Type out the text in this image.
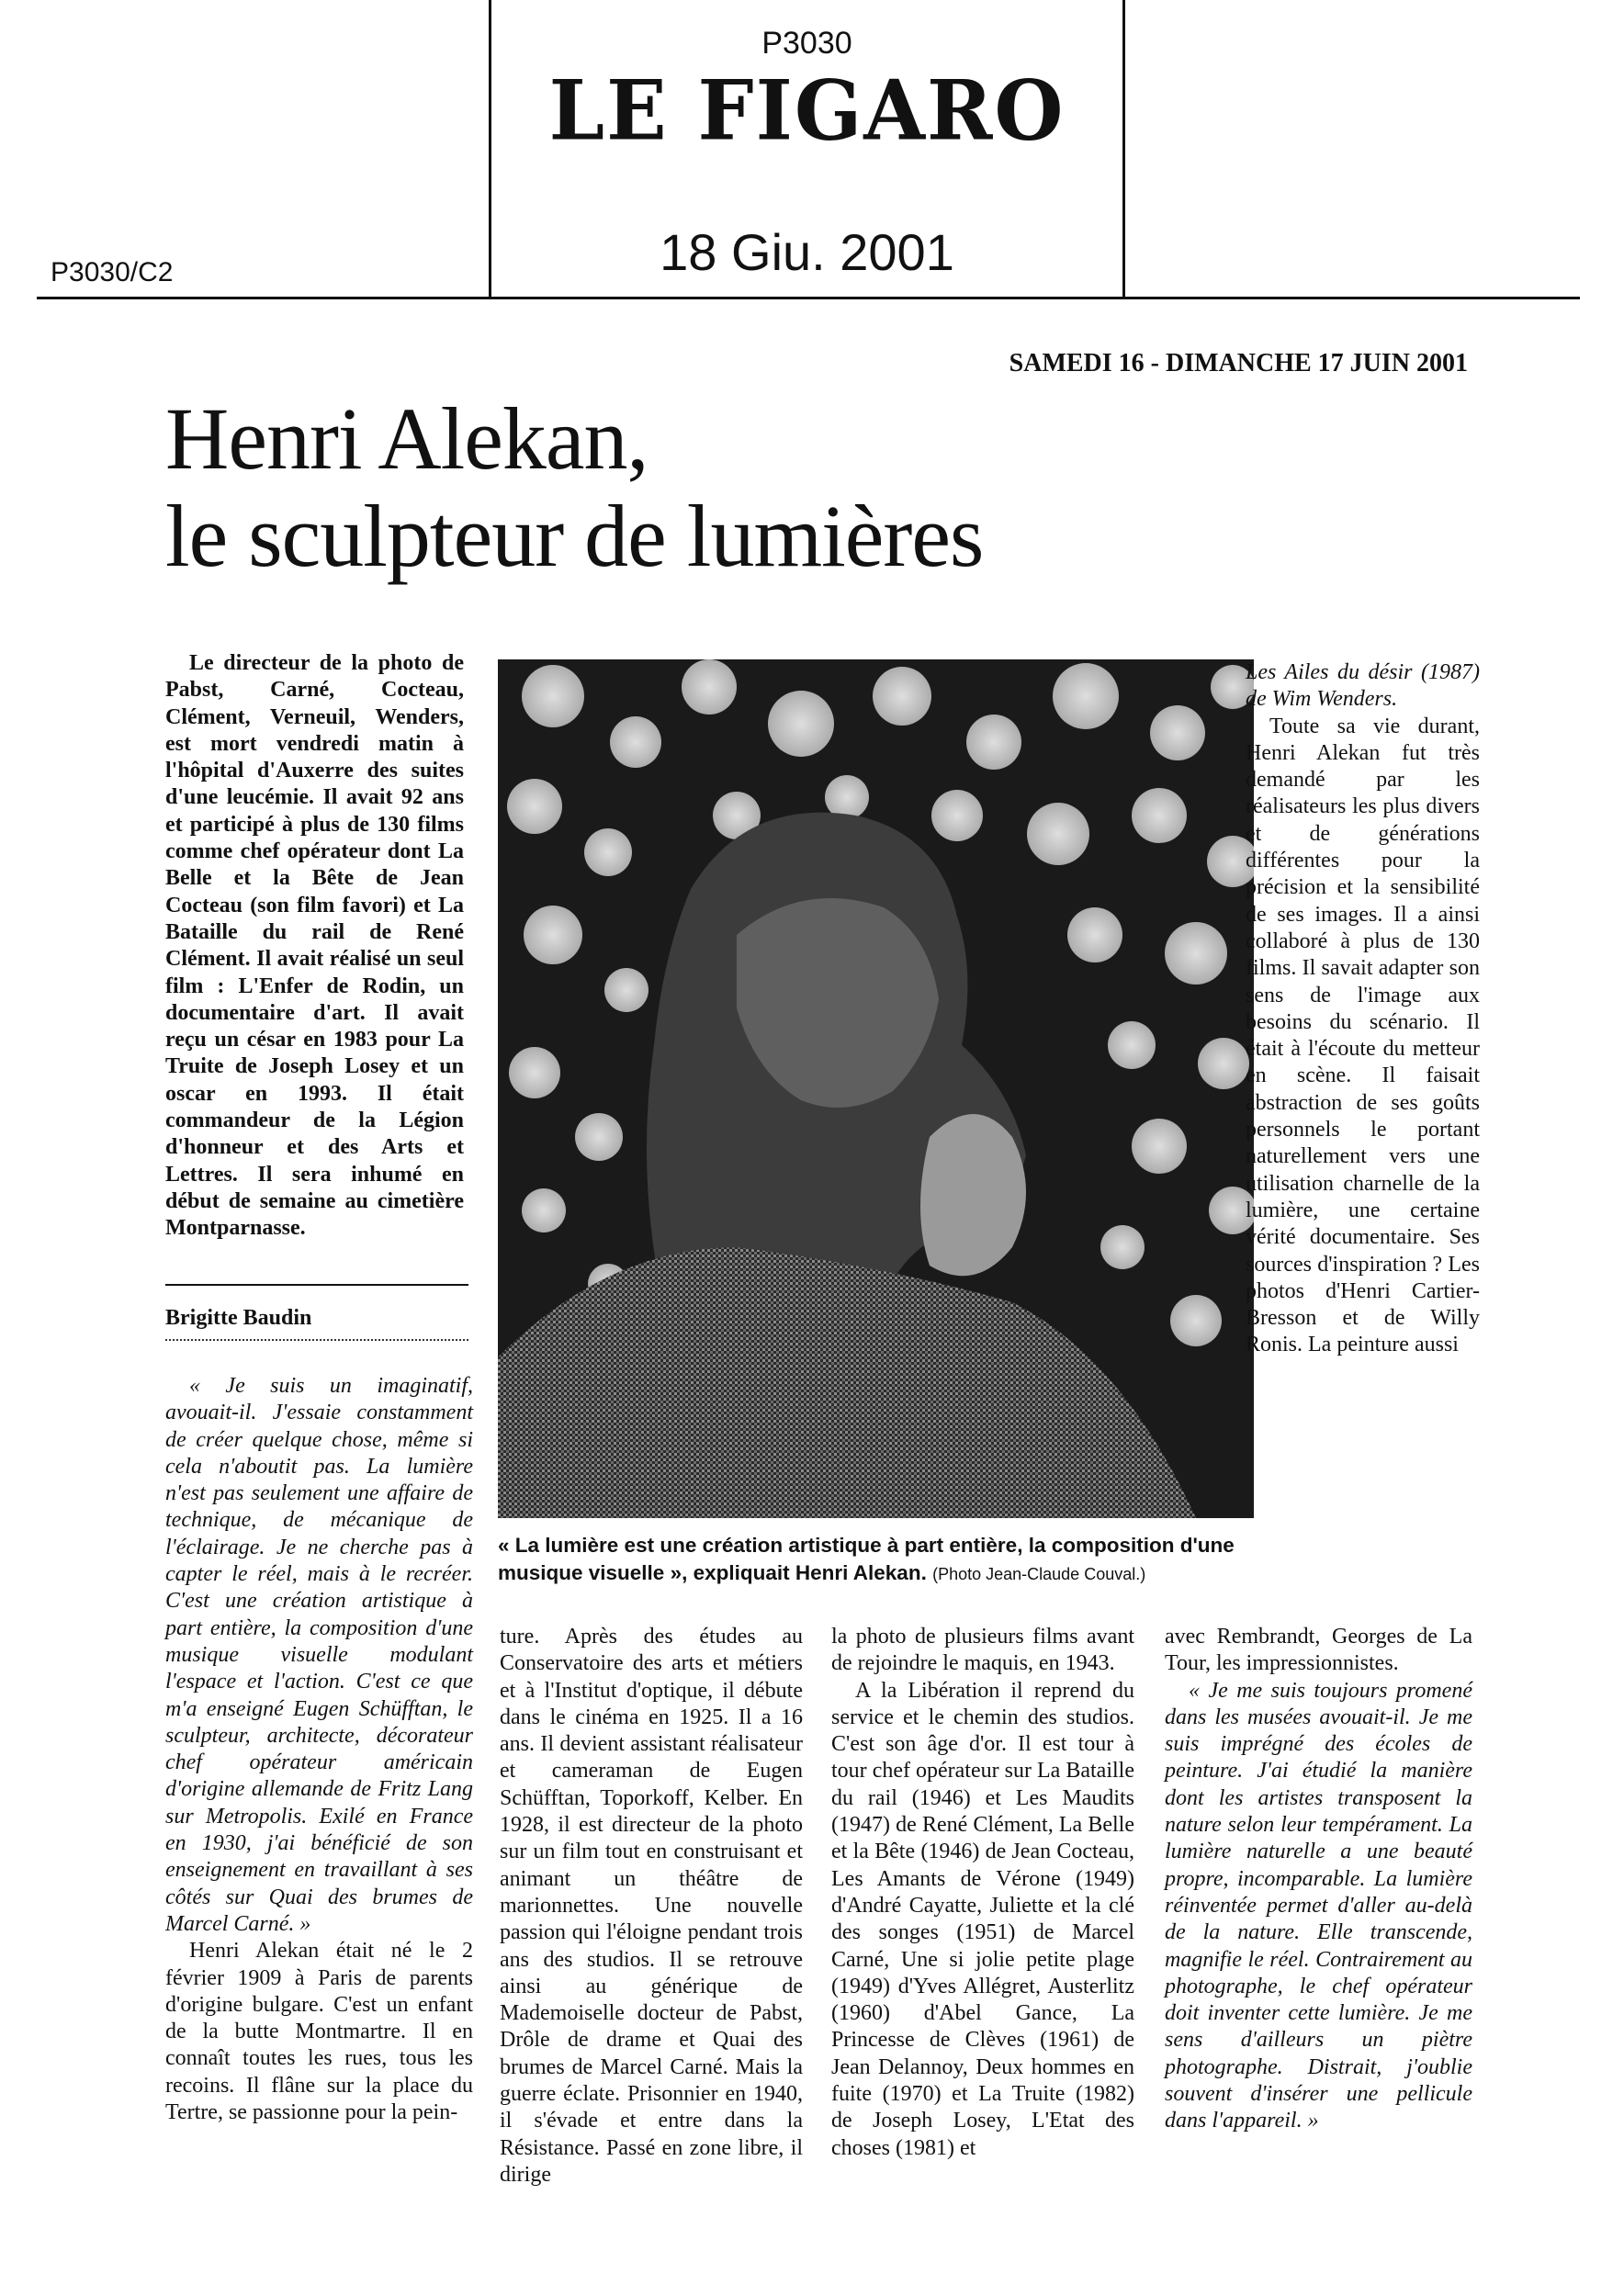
P3030
LE FIGARO
18 Giu. 2001
P3030/C2
SAMEDI 16 - DIMANCHE 17 JUIN 2001
Henri Alekan,
le sculpteur de lumières

Le directeur de la photo de Pabst, Carné, Cocteau, Clément, Verneuil, Wenders, est mort vendredi matin à l'hôpital d'Auxerre des suites d'une leucémie. Il avait 92 ans et participé à plus de 130 films comme chef opérateur dont La Belle et la Bête de Jean Cocteau (son film favori) et La Bataille du rail de René Clément. Il avait réalisé un seul film : L'Enfer de Rodin, un documentaire d'art. Il avait reçu un césar en 1983 pour La Truite de Joseph Losey et un oscar en 1993. Il était commandeur de la Légion d'honneur et des Arts et Lettres. Il sera inhumé en début de semaine au cimetière Montparnasse.

Brigitte Baudin

« Je suis un imaginatif, avouait-il. J'essaie constamment de créer quelque chose, même si cela n'aboutit pas. La lumière n'est pas seulement une affaire de technique, de mécanique de l'éclairage. Je ne cherche pas à capter le réel, mais à le recréer. C'est une création artistique à part entière, la composition d'une musique visuelle modulant l'espace et l'action. C'est ce que m'a enseigné Eugen Schüfftan, le sculpteur, architecte, décorateur chef opérateur américain d'origine allemande de Fritz Lang sur Metropolis. Exilé en France en 1930, j'ai bénéficié de son enseignement en travaillant à ses côtés sur Quai des brumes de Marcel Carné. »

Henri Alekan était né le 2 février 1909 à Paris de parents d'origine bulgare. C'est un enfant de la butte Montmartre. Il en connaît toutes les rues, tous les recoins. Il flâne sur la place du Tertre, se passionne pour la pein-

« La lumière est une création artistique à part entière, la composition d'une musique visuelle », expliquait Henri Alekan. (Photo Jean-Claude Couval.)

ture. Après des études au Conservatoire des arts et métiers et à l'Institut d'optique, il débute dans le cinéma en 1925. Il a 16 ans. Il devient assistant réalisateur et cameraman de Eugen Schüfftan, Toporkoff, Kelber. En 1928, il est directeur de la photo sur un film tout en construisant et animant un théâtre de marionnettes. Une nouvelle passion qui l'éloigne pendant trois ans des studios. Il se retrouve ainsi au générique de Mademoiselle docteur de Pabst, Drôle de drame et Quai des brumes de Marcel Carné. Mais la guerre éclate. Prisonnier en 1940, il s'évade et entre dans la Résistance. Passé en zone libre, il dirige

la photo de plusieurs films avant de rejoindre le maquis, en 1943.

A la Libération il reprend du service et le chemin des studios. C'est son âge d'or. Il est tour à tour chef opérateur sur La Bataille du rail (1946) et Les Maudits (1947) de René Clément, La Belle et la Bête (1946) de Jean Cocteau, Les Amants de Vérone (1949) d'André Cayatte, Juliette et la clé des songes (1951) de Marcel Carné, Une si jolie petite plage (1949) d'Yves Allégret, Austerlitz (1960) d'Abel Gance, La Princesse de Clèves (1961) de Jean Delannoy, Deux hommes en fuite (1970) et La Truite (1982) de Joseph Losey, L'Etat des choses (1981) et

Les Ailes du désir (1987) de Wim Wenders.

Toute sa vie durant, Henri Alekan fut très demandé par les réalisateurs les plus divers et de générations différentes pour la précision et la sensibilité de ses images. Il a ainsi collaboré à plus de 130 films. Il savait adapter son sens de l'image aux besoins du scénario. Il était à l'écoute du metteur en scène. Il faisait abstraction de ses goûts personnels le portant naturellement vers une utilisation charnelle de la lumière, une certaine vérité documentaire. Ses sources d'inspiration ? Les photos d'Henri Cartier-Bresson et de Willy Ronis. La peinture aussi

avec Rembrandt, Georges de La Tour, les impressionnistes.

« Je me suis toujours promené dans les musées avouait-il. Je me suis imprégné des écoles de peinture. J'ai étudié la manière dont les artistes transposent la nature selon leur tempérament. La lumière naturelle a une beauté propre, incomparable. La lumière réinventée permet d'aller au-delà de la nature. Elle transcende, magnifie le réel. Contrairement au photographe, le chef opérateur doit inventer cette lumière. Je me sens d'ailleurs un piètre photographe. Distrait, j'oublie souvent d'insérer une pellicule dans l'appareil. »
